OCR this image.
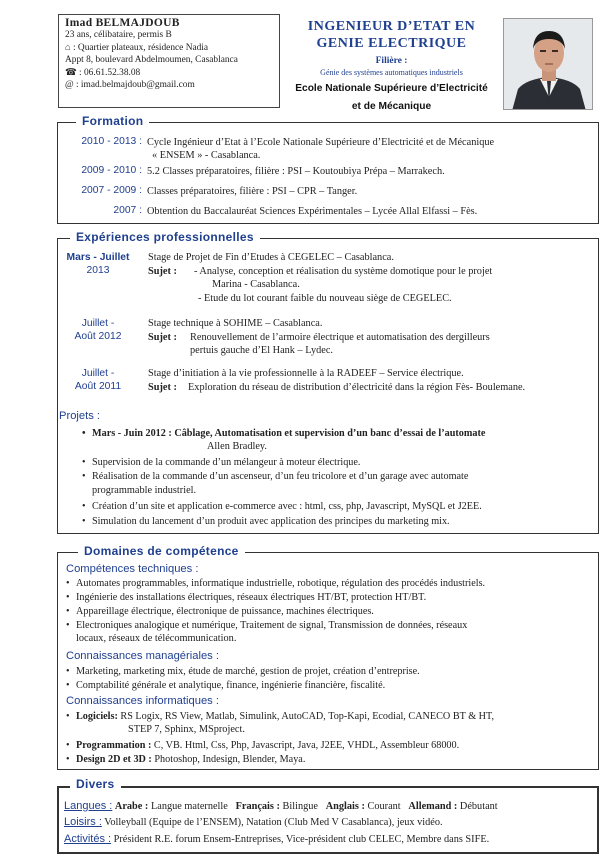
Imad BELMAJDOUB
23 ans, célibataire, permis B
⌂ : Quartier plateaux, résidence Nadia
Appt 8, boulevard Abdelmoumen, Casablanca
☎ : 06.61.52.38.08
@ : imad.belmajdoub@gmail.com
INGENIEUR D’ETAT EN
GENIE ELECTRIQUE
Filière :
Génie des systèmes automatiques industriels
Ecole Nationale Supérieure d’Electricité
et de Mécanique
Formation
2010 - 2013 : Cycle Ingénieur d’Etat à l’Ecole Nationale Supérieure d’Electricité et de Mécanique
« ENSEM » - Casablanca.
2009 - 2010 : 5.2 Classes préparatoires, filière : PSI – Koutoubiya Prépa – Marrakech.
2007 - 2009 : Classes préparatoires, filière : PSI – CPR – Tanger.
2007 : Obtention du Baccalauréat Sciences Expérimentales – Lycée Allal Elfassi – Fès.
Expériences professionnelles
Mars - Juillet
2013
Stage de Projet de Fin d’Etudes à CEGELEC – Casablanca.
Sujet : - Analyse, conception et réalisation du système domotique pour le projet
Marina - Casablanca.
- Etude du lot courant faible du nouveau siège de CEGELEC.
Juillet -
Août 2012
Stage technique à SOHIME – Casablanca.
Sujet : Renouvellement de l’armoire électrique et automatisation des dergilleurs
pertuis gauche d’El Hank – Lydec.
Juillet -
Août 2011
Stage d’initiation à la vie professionnelle à la RADEEF – Service électrique.
Sujet : Exploration du réseau de distribution d’électricité dans la région Fès- Boulemane.
Projets :
• Mars - Juin 2012 : Câblage, Automatisation et supervision d’un banc d’essai de l’automate
Allen Bradley.
• Supervision de la commande d’un mélangeur à moteur électrique.
• Réalisation de la commande d’un ascenseur, d’un feu tricolore et d’un garage avec automate
programmable industriel.
• Création d’un site et application e-commerce avec : html, css, php, Javascript, MySQL et J2EE.
• Simulation du lancement d’un produit avec application des principes du marketing mix.
Domaines de compétence
Compétences techniques :
• Automates programmables, informatique industrielle, robotique, régulation des procédés industriels.
• Ingénierie des installations électriques, réseaux électriques HT/BT, protection HT/BT.
• Appareillage électrique, électronique de puissance, machines électriques.
• Electroniques analogique et numérique, Traitement de signal, Transmission de données, réseaux
locaux, réseaux de télécommunication.
Connaissances managériales :
• Marketing, marketing mix, étude de marché, gestion de projet, création d’entreprise.
• Comptabilité générale et analytique, finance, ingénierie financière, fiscalité.
Connaissances informatiques :
• Logiciels: RS Logix, RS View, Matlab, Simulink, AutoCAD, Top-Kapi, Ecodial, CANECO BT & HT,
STEP 7, Sphinx, MSproject.
• Programmation : C, VB. Html, Css, Php, Javascript, Java, J2EE, VHDL, Assembleur 68000.
• Design 2D et 3D : Photoshop, Indesign, Blender, Maya.
Divers
Langues : Arabe : Langue maternelle Français : Bilingue Anglais : Courant Allemand : Débutant
Loisirs : Volleyball (Equipe de l’ENSEM), Natation (Club Med V Casablanca), jeux vidéo.
Activités : Président R.E. forum Ensem-Entreprises, Vice-président club CELEC, Membre dans SIFE.
